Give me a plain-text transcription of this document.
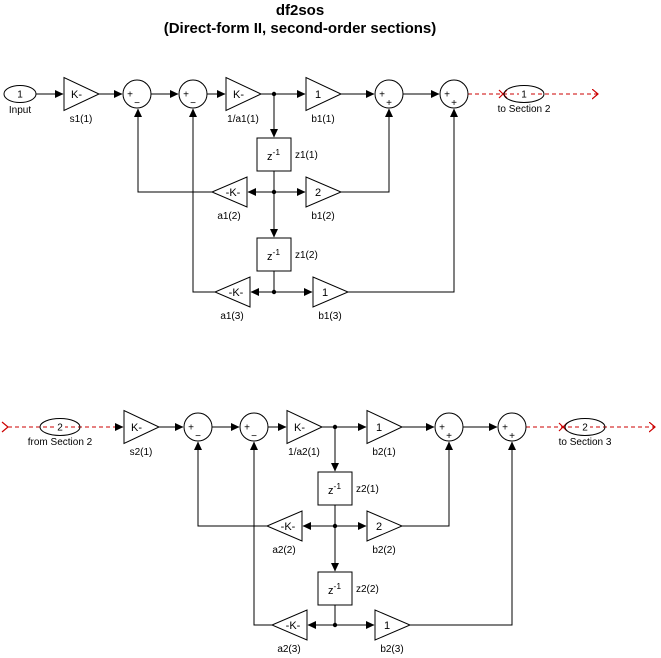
df2sos
(Direct-form II, second-order sections)
1
Input
K-
s1(1)
+
−
+
−
K-
1/a1(1)
1
b1(1)
+
+
+
+
1
to Section 2
$z^{-1}$ z1(1)
-K-
a1(2)
2
b1(2)
$z^{-1}$ z1(2)
-K-
a1(3)
1
b1(3)
2
from Section 2
K-
s2(1)
+
−
+
−
K-
1/a2(1)
1
b2(1)
+
+
+
+
2
to Section 3
$z^{-1}$ z2(1)
-K-
a2(2)
2
b2(2)
$z^{-1}$ z2(2)
-K-
a2(3)
1
b2(3)
